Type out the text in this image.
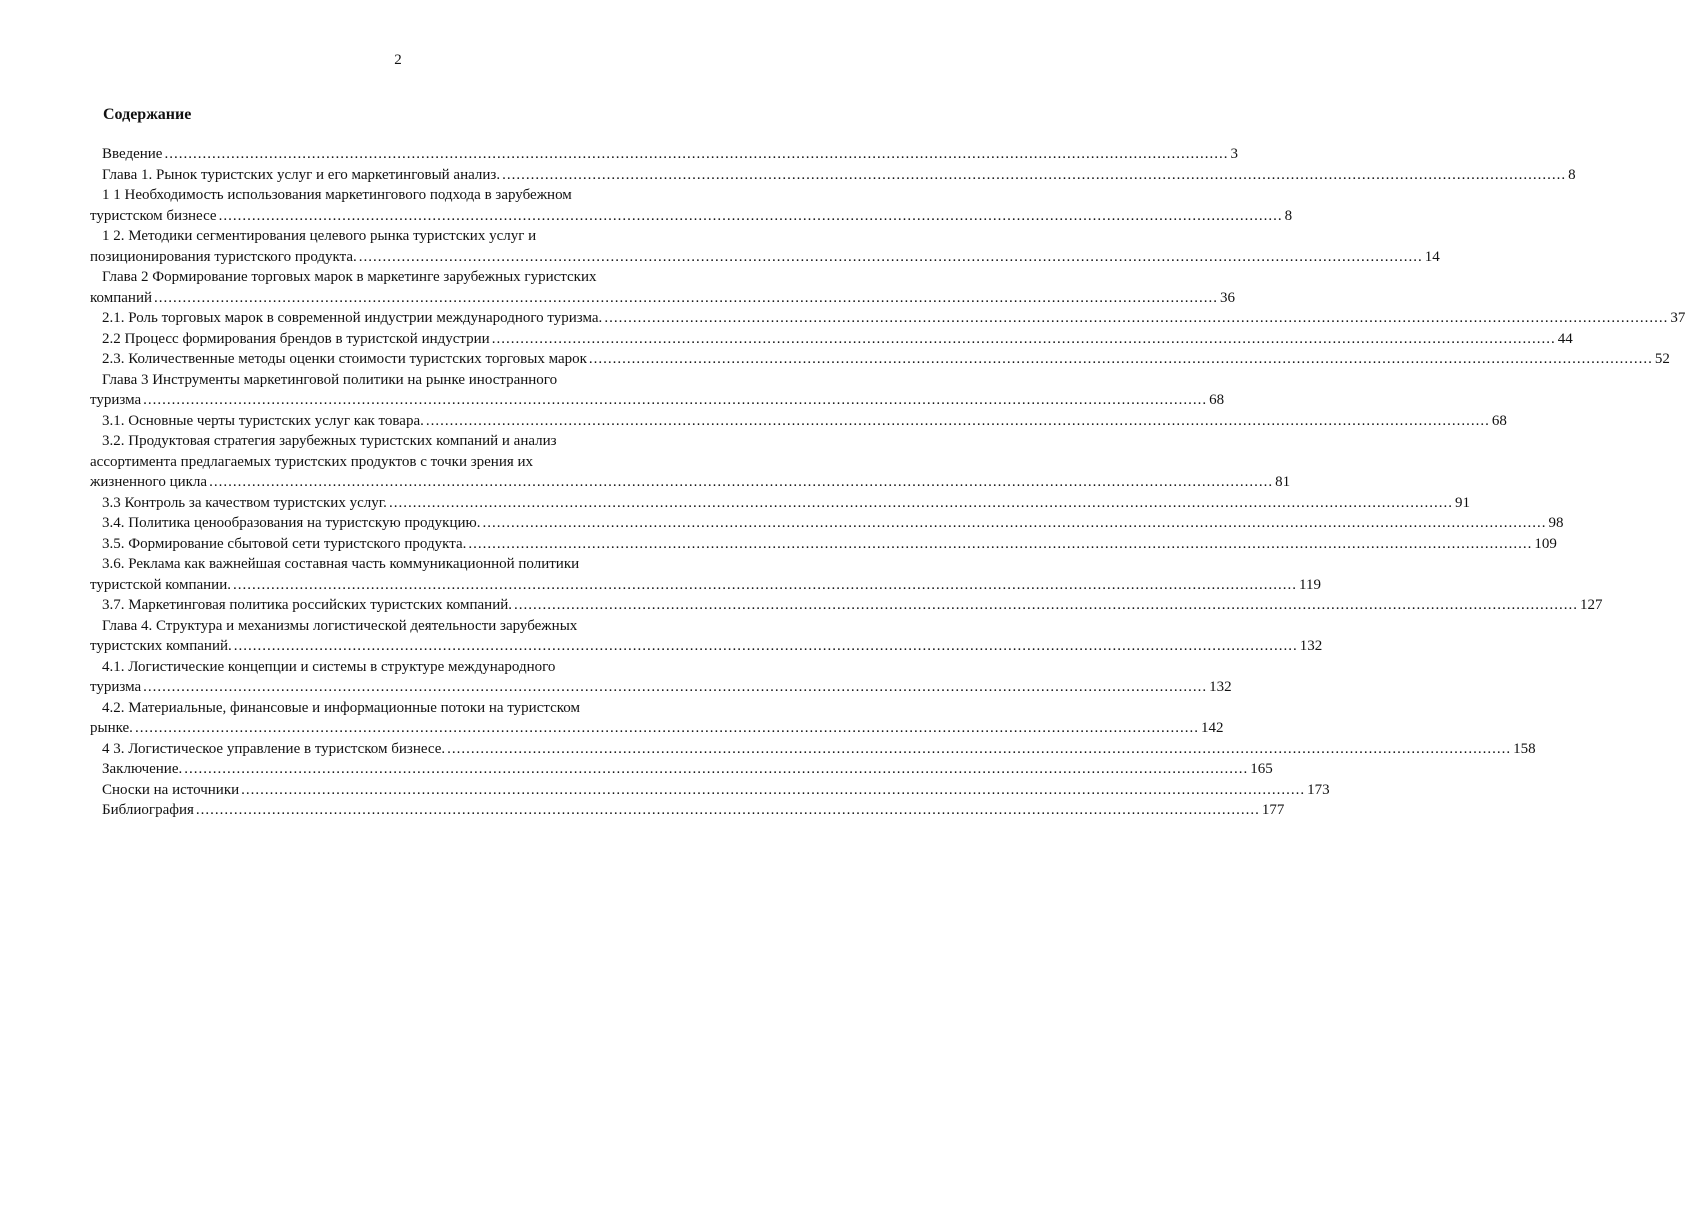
2
Содержание
Введение .....	3
Глава 1. Рынок туристских услуг и его маркетинговый анализ. .....	8
1 1 Необходимость использования маркетингового подхода в зарубежном
туристском бизнесе .....	8
1 2. Методики сегментирования целевого рынка туристских услуг и
позиционирования туристского продукта. .....	14
Глава 2 Формирование торговых марок в маркетинге зарубежных гуристских
компаний .....	36
2.1. Роль торговых марок в современной индустрии международного туризма. .....	37
2.2 Процесс формирования брендов в туристской индустрии .....	44
2.3. Количественные методы оценки стоимости туристских торговых марок .....	52
Глава 3 Инструменты маркетинговой политики на рынке иностранного
туризма .....	68
3.1. Основные черты туристских услуг как товара. .....	68
3.2. Продуктовая стратегия зарубежных туристских компаний и анализ
ассортимента предлагаемых туристских продуктов с точки зрения их
жизненного цикла .....	81
3.3 Контроль за качеством туристских услуг. .....	91
3.4. Политика ценообразования на туристскую продукцию. .....	98
3.5. Формирование сбытовой сети туристского продукта. .....	109
3.6. Реклама как важнейшая составная часть коммуникационной политики
туристской компании. .....	119
3.7. Маркетинговая политика российских туристских компаний. .....	127
Глава 4. Структура и механизмы логистической деятельности зарубежных
туристских компаний. .....	132
4.1. Логистические концепции и системы в структуре международного
туризма .....	132
4.2. Материальные, финансовые и информационные потоки на туристском
рынке. .....	142
4 3. Логистическое управление в туристском бизнесе. .....	158
Заключение. .....	165
Сноски на источники .....	173
Библиография .....	177
